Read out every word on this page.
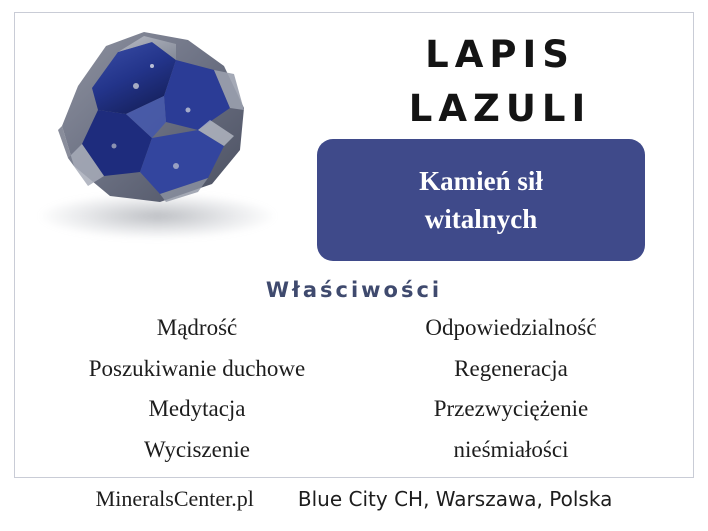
LAPIS
LAZULI
Kamień sił
witalnych
Właściwości
Mądrość	Odpowiedzialność
Poszukiwanie duchowe	Regeneracja
Medytacja	Przezwyciężenie
Wyciszenie	nieśmiałości
MineralsCenter.pl Blue City CH, Warszawa, Polska
